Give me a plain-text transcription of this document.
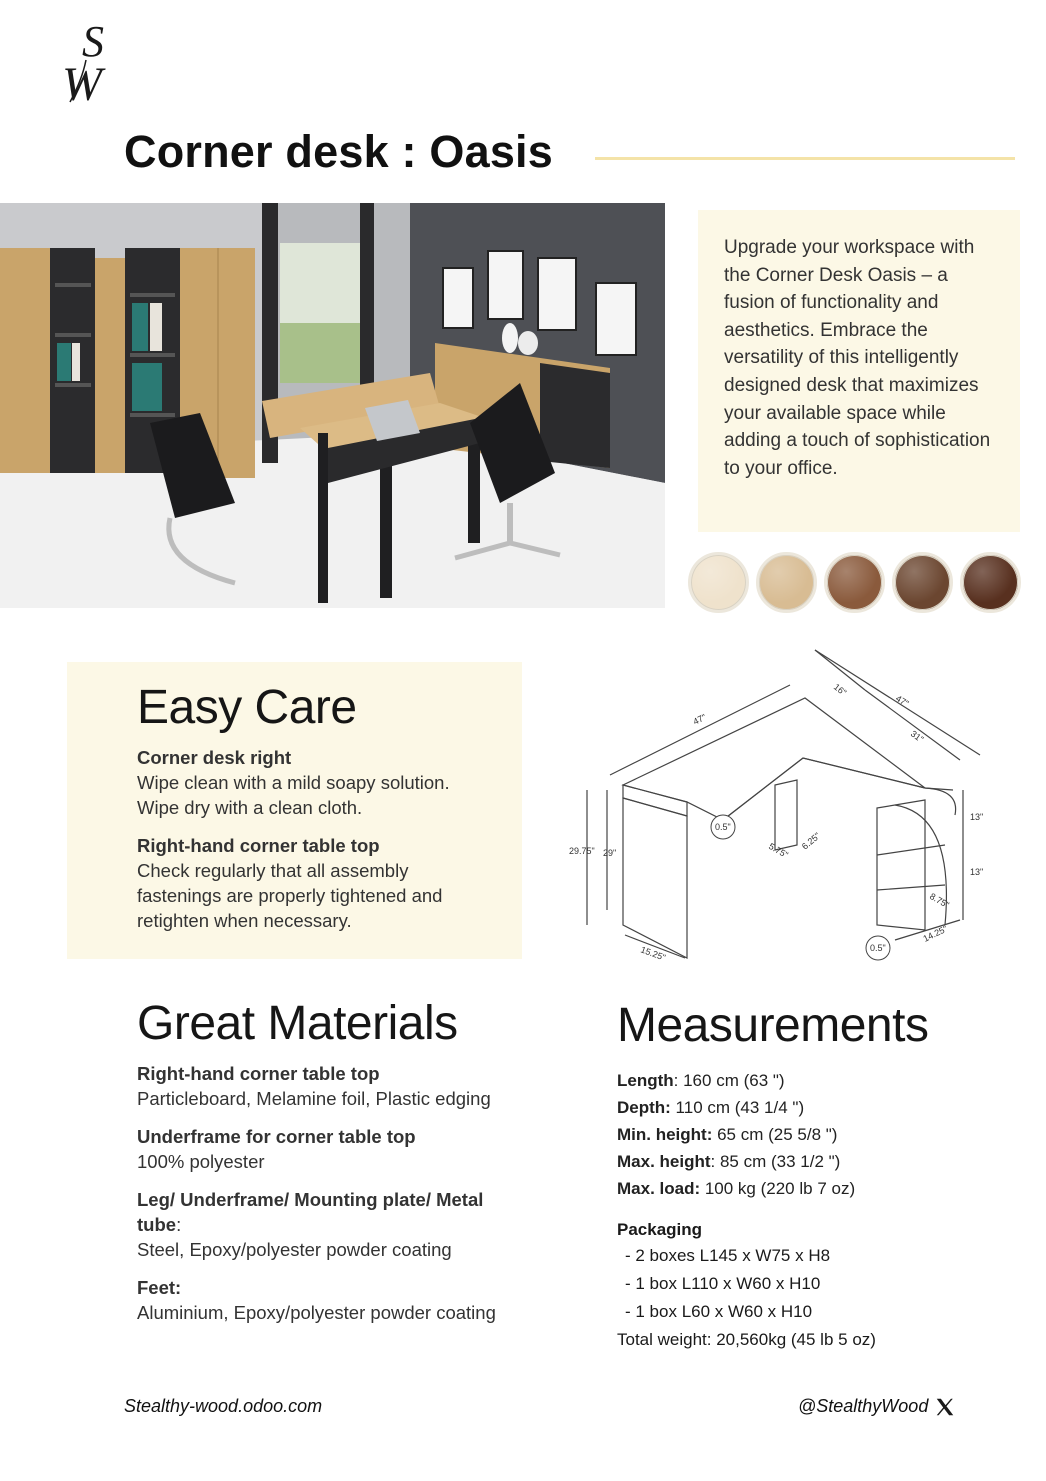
S
W
Corner desk : Oasis

Upgrade your workspace with the Corner Desk Oasis – a fusion of functionality and aesthetics. Embrace the versatility of this intelligently designed desk that maximizes your available space while adding a touch of sophistication to your office.

Easy Care
Corner desk right
Wipe clean with a mild soapy solution. Wipe dry with a clean cloth.
Right-hand corner table top
Check regularly that all assembly fastenings are properly tightened and retighten when necessary.
47"
16"
47"
31"
29.75" 29"
0.5"
5.75" 6.25"
13"
13"
8.75"
15.25"
14.25"
0.5"
Great Materials
Right-hand corner table top
Particleboard, Melamine foil, Plastic edging
Underframe for corner table top
100% polyester
Leg/ Underframe/ Mounting plate/ Metal tube:
Steel, Epoxy/polyester powder coating
Feet:
Aluminium, Epoxy/polyester powder coating
Measurements
Length: 160 cm (63 ")
Depth: 110 cm (43 1/4 ")
Min. height: 65 cm (25 5/8 ")
Max. height: 85 cm (33 1/2 ")
Max. load: 100 kg (220 lb 7 oz)
Packaging
- 2 boxes L145 x W75 x H8
- 1 box L110 x W60 x H10
- 1 box L60 x W60 x H10
Total weight: 20,560kg (45 lb 5 oz)
Stealthy-wood.odoo.com	@StealthyWood
